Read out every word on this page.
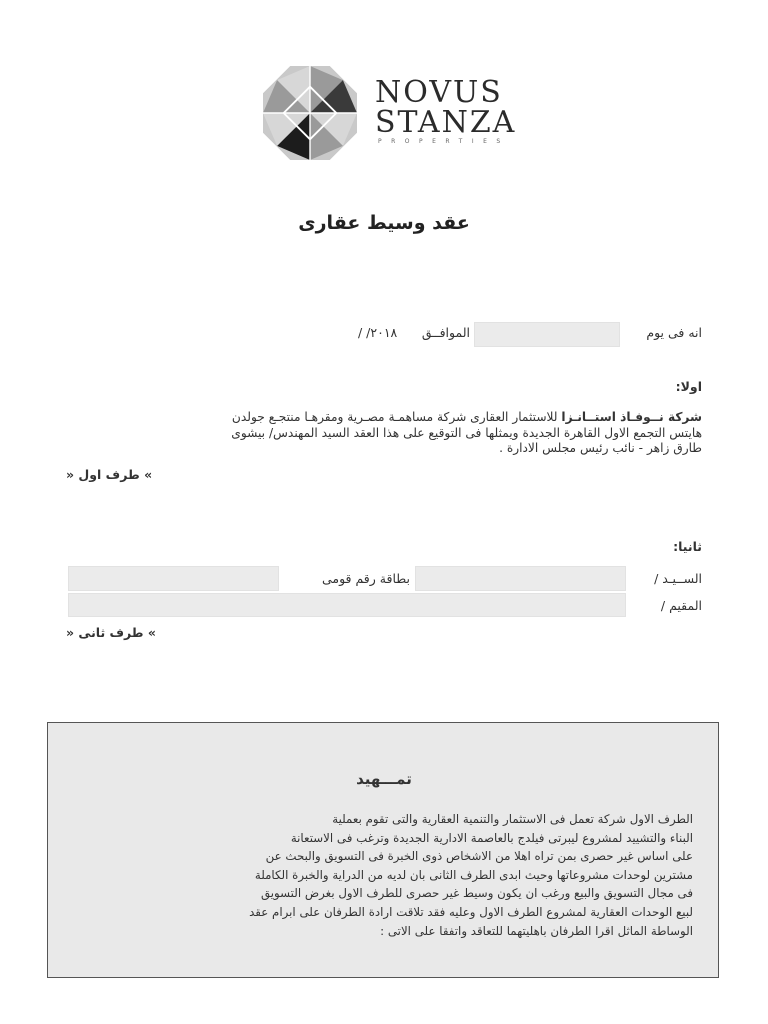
NOVUS
STANZA
PROPERTIES
عقد وسيط عقارى
انه فى يوم
الموافــق
/ /٢٠١٨
اولا:
شركة نــوفـاذ استــانـزا للاستثمار العقارى شركة مساهمـة مصـرية ومقرهـا منتجـع جولدن
هايتس التجمع الاول القاهرة الجديدة ويمثلها فى التوقيع على هذا العقد السيد المهندس/ بيشوى
طارق زاهر - نائب رئيس مجلس الادارة .
» طرف اول «
ثانيا:
الســيـد /
بطاقة رقم قومى
المقيم /
» طرف ثانى «
تمـــهيد
الطرف الاول شركة تعمل فى الاستثمار والتنمية العقارية والتى تقوم بعملية
البناء والتشييد لمشروع ليبرتى فيلدج بالعاصمة الادارية الجديدة وترغب فى الاستعانة
على اساس غير حصرى بمن تراه اهلا من الاشخاص ذوى الخبرة فى التسويق والبحث عن
مشترين لوحدات مشروعاتها وحيث ابدى الطرف الثانى بان لديه من الدراية والخبرة الكاملة
فى مجال التسويق والبيع ورغب ان يكون وسيط غير حصرى للطرف الاول بغرض التسويق
لبيع الوحدات العقارية لمشروع الطرف الاول وعليه فقد تلاقت ارادة الطرفان على ابرام عقد
الوساطة الماثل اقرا الطرفان باهليتهما للتعاقد واتفقا على الاتى :
